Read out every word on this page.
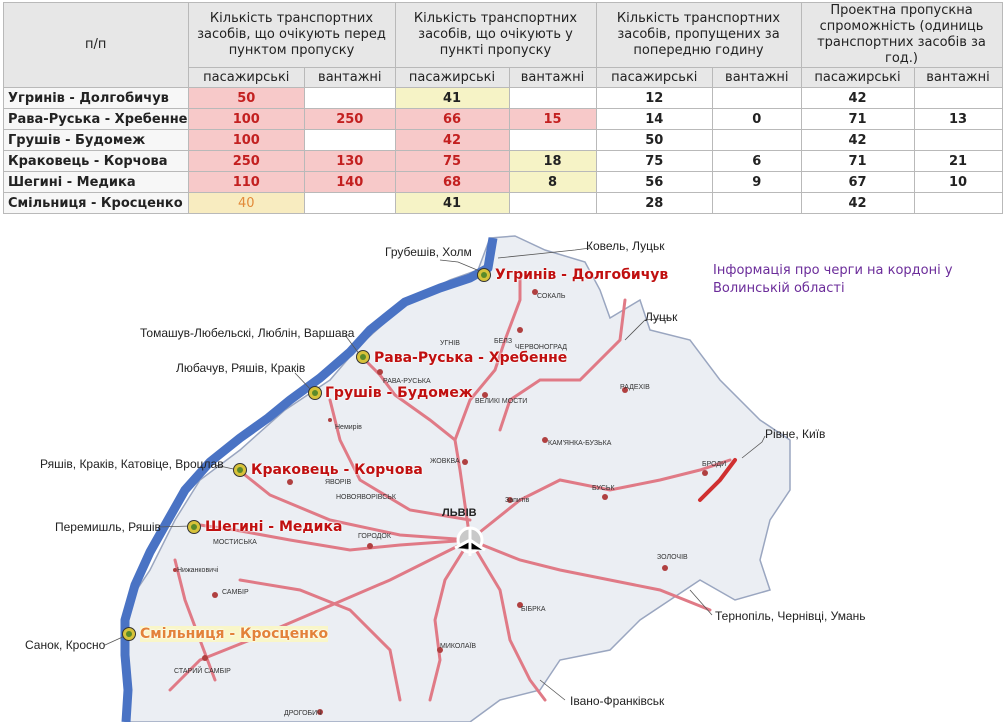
п/п	Кількість транспортних засобів, що очікують перед пунктом пропуску		Кількість транспортних засобів, що очікують у пункті пропуску		Кількість транспортних засобів, пропущених за попередню годину		Проектна пропускна спроможність (одиниць транспортних засобів за год.)	
	пасажирські	вантажні	пасажирські	вантажні	пасажирські	вантажні	пасажирські	вантажні
Угринів - Долгобичув	50		41		12		42	
Рава-Руська - Хребенне	100	250	66	15	14	0	71	13
Грушів - Будомеж	100		42		50		42	
Краковець - Корчова	250	130	75	18	75	6	71	21
Шегині - Медика	110	140	68	8	56	9	67	10
Смільниця - Кросценко	40		41		28		42	
Угринів - Долгобичув
Рава-Руська - Хребенне
Грушів - Будомеж
Краковець - Корчова
Шегині - Медика
Смільниця - Кросценко
Грубешів, Холм	Ковель, Луцьк
Томашув-Любельскі, Люблін, Варшава
Любачув, Ряшів, Краків
Ряшів, Краків, Катовіце, Вроцлав
Перемишль, Ряшів
Санок, Кросно
Луцьк
Рівне, Київ
Тернопіль, Чернівці, Умань
Івано-Франківськ
СОКАЛЬ
БЕЛЗ
УГНІВ
ЧЕРВОНОГРАД
РАВА-РУСЬКА
РАДЕХІВ
ВЕЛИКІ МОСТИ
Немирів
КАМ'ЯНКА-БУЗЬКА
БРОДИ
ЖОВКВА
ЯВОРІВ
НОВОЯВОРІВСЬК	Запитів
БУСЬК
ГОРОДОК
МОСТИСЬКА
ЗОЛОЧІВ
Нижанковичі
САМБІР
БІБРКА
СТАРИЙ САМБІР
МИКОЛАЇВ
ДРОГОБИЧ
ЛЬВІВ
Інформація про черги на кордоні у Волинській області
